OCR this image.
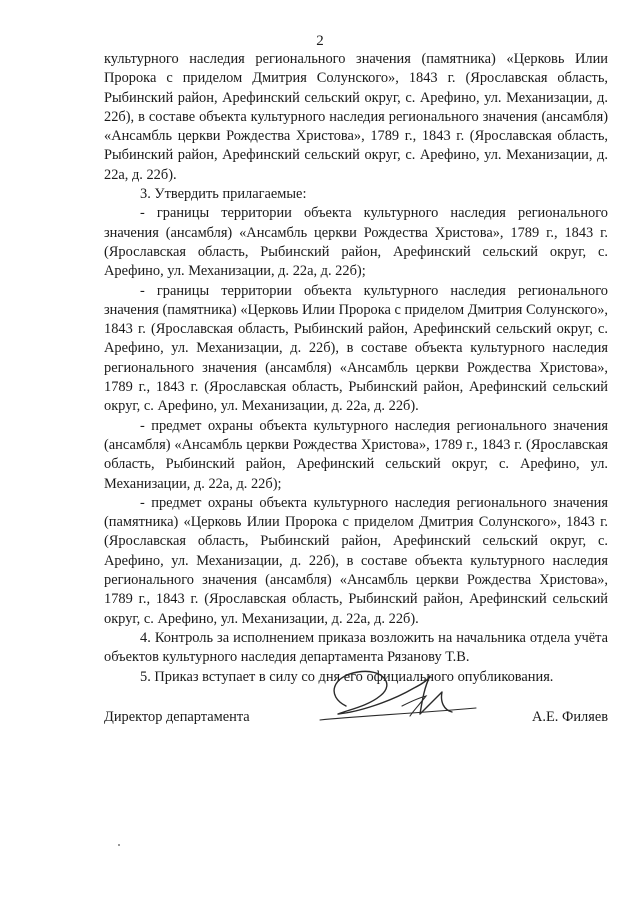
2

культурного наследия регионального значения (памятника) «Церковь Илии Пророка с приделом Дмитрия Солунского», 1843 г. (Ярославская область, Рыбинский район, Арефинский сельский округ, с. Арефино, ул. Механизации, д. 22б), в составе объекта культурного наследия регионального значения (ансамбля) «Ансамбль церкви Рождества Христова», 1789 г., 1843 г. (Ярославская область, Рыбинский район, Арефинский сельский округ, с. Арефино, ул. Механизации, д. 22а, д. 22б).

3. Утвердить прилагаемые:

- границы территории объекта культурного наследия регионального значения (ансамбля) «Ансамбль церкви Рождества Христова», 1789 г., 1843 г. (Ярославская область, Рыбинский район, Арефинский сельский округ, с. Арефино, ул. Механизации, д. 22а, д. 22б);

- границы территории объекта культурного наследия регионального значения (памятника) «Церковь Илии Пророка с приделом Дмитрия Солунского», 1843 г. (Ярославская область, Рыбинский район, Арефинский сельский округ, с. Арефино, ул. Механизации, д. 22б), в составе объекта культурного наследия регионального значения (ансамбля) «Ансамбль церкви Рождества Христова», 1789 г., 1843 г. (Ярославская область, Рыбинский район, Арефинский сельский округ, с. Арефино, ул. Механизации, д. 22а, д. 22б).

- предмет охраны объекта культурного наследия регионального значения (ансамбля) «Ансамбль церкви Рождества Христова», 1789 г., 1843 г. (Ярославская область, Рыбинский район, Арефинский сельский округ, с. Арефино, ул. Механизации, д. 22а, д. 22б);

- предмет охраны объекта культурного наследия регионального значения (памятника) «Церковь Илии Пророка с приделом Дмитрия Солунского», 1843 г. (Ярославская область, Рыбинский район, Арефинский сельский округ, с. Арефино, ул. Механизации, д. 22б), в составе объекта культурного наследия регионального значения (ансамбля) «Ансамбль церкви Рождества Христова», 1789 г., 1843 г. (Ярославская область, Рыбинский район, Арефинский сельский округ, с. Арефино, ул. Механизации, д. 22а, д. 22б).

4. Контроль за исполнением приказа возложить на начальника отдела учёта объектов культурного наследия департамента Рязанову Т.В.

5. Приказ вступает в силу со дня его официального опубликования.

Директор департамента	А.Е. Филяев
